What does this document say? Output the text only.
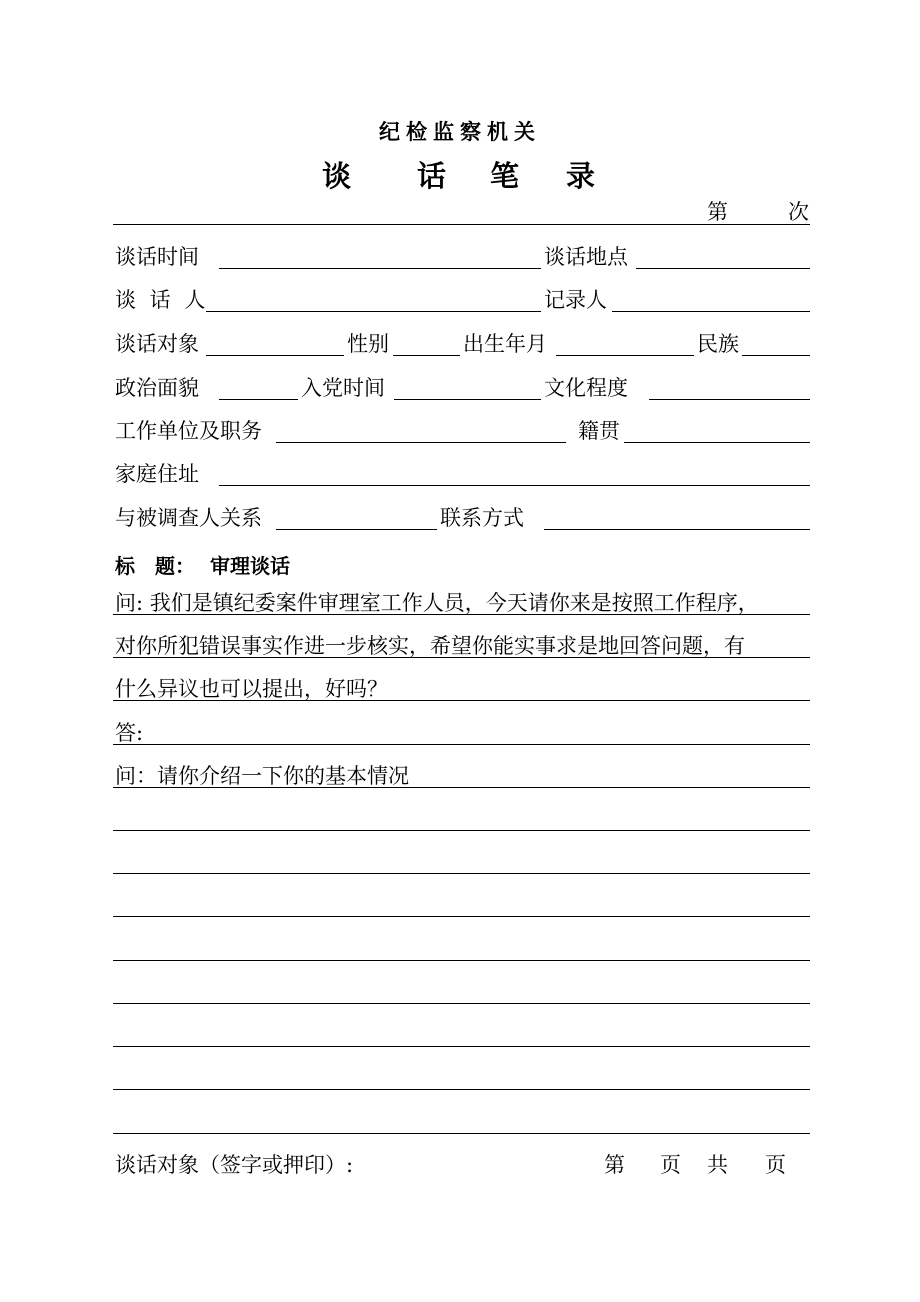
纪检监察机关
谈 话 笔 录
第	次
谈话时间	谈话地点
谈 话 人	记录人
谈话对象	性别	出生年月	民族
政治面貌	入党时间	文化程度
工作单位及职务	籍贯
家庭住址
与被调查人关系	联系方式
标　题： 审理谈话
问: 我们是镇纪委案件审理室工作人员，今天请你来是按照工作程序，
对你所犯错误事实作进一步核实，希望你能实事求是地回答问题，有
什么异议也可以提出，好吗？
答:
问：请你介绍一下你的基本情况
谈话对象（签字或押印）:	第 页 共 页
